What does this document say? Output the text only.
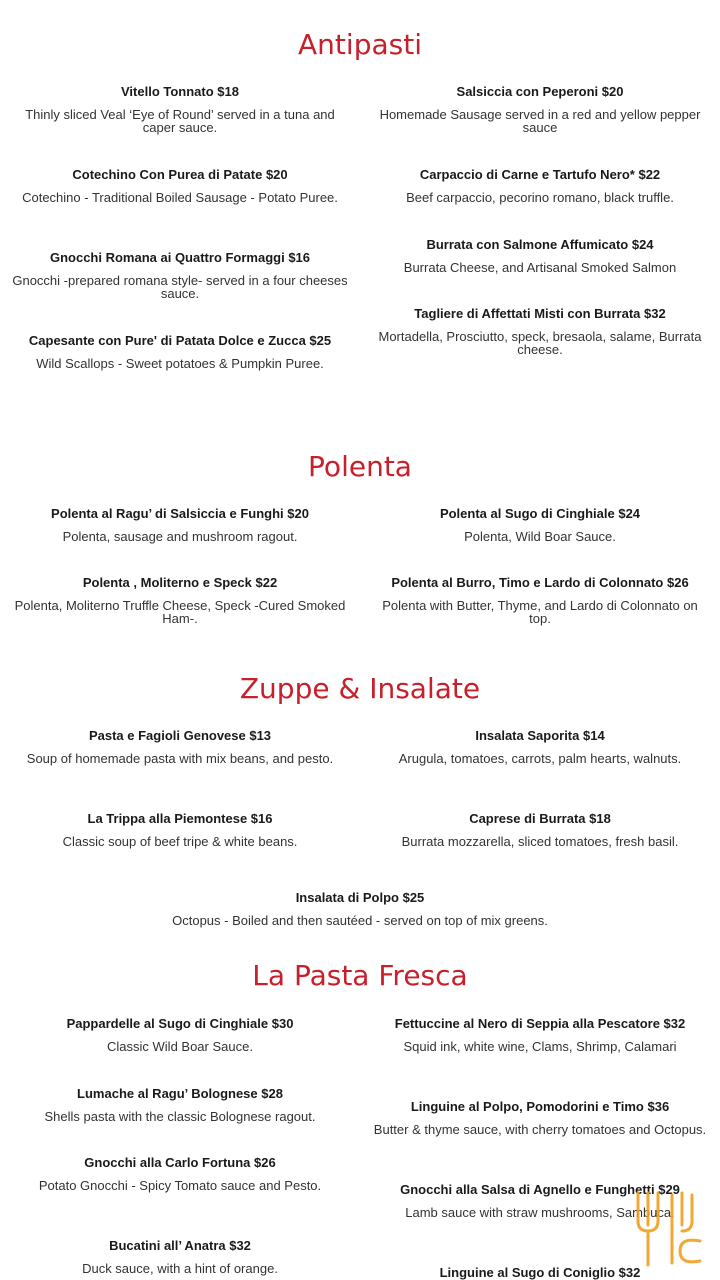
Antipasti
Vitello Tonnato $18
Thinly sliced Veal ‘Eye of Round’ served in a tuna and caper sauce.
Salsiccia con Peperoni $20
Homemade Sausage served in a red and yellow pepper sauce
Cotechino Con Purea di Patate $20
Cotechino - Traditional Boiled Sausage - Potato Puree.
Carpaccio di Carne e Tartufo Nero* $22
Beef carpaccio, pecorino romano, black truffle.
Burrata con Salmone Affumicato $24
Burrata Cheese, and Artisanal Smoked Salmon
Gnocchi Romana ai Quattro Formaggi $16
Gnocchi -prepared romana style- served in a four cheeses sauce.
Tagliere di Affettati Misti con Burrata $32
Mortadella, Prosciutto, speck, bresaola, salame, Burrata cheese.
Capesante con Pure' di Patata Dolce e Zucca $25
Wild Scallops - Sweet potatoes & Pumpkin Puree.
Polenta
Polenta al Ragu’ di Salsiccia e Funghi $20
Polenta, sausage and mushroom ragout.
Polenta al Sugo di Cinghiale $24
Polenta, Wild Boar Sauce.
Polenta , Moliterno e Speck $22
Polenta, Moliterno Truffle Cheese, Speck -Cured Smoked Ham-.
Polenta al Burro, Timo e Lardo di Colonnato $26
Polenta with Butter, Thyme, and Lardo di Colonnato on top.
Zuppe & Insalate
Pasta e Fagioli Genovese $13
Soup of homemade pasta with mix beans, and pesto.
Insalata Saporita $14
Arugula, tomatoes, carrots, palm hearts, walnuts.
La Trippa alla Piemontese $16
Classic soup of beef tripe & white beans.
Caprese di Burrata $18
Burrata mozzarella, sliced tomatoes, fresh basil.
Insalata di Polpo $25
Octopus - Boiled and then sautéed - served on top of mix greens.
La Pasta Fresca
Pappardelle al Sugo di Cinghiale $30
Classic Wild Boar Sauce.
Fettuccine al Nero di Seppia alla Pescatore $32
Squid ink, white wine, Clams, Shrimp, Calamari
Lumache al Ragu’ Bolognese $28
Shells pasta with the classic Bolognese ragout.
Linguine al Polpo, Pomodorini e Timo $36
Butter & thyme sauce, with cherry tomatoes and Octopus.
Gnocchi alla Carlo Fortuna $26
Potato Gnocchi - Spicy Tomato sauce and Pesto.	Gnocchi alla Salsa di Agnello e Funghetti $29
Lamb sauce with straw mushrooms, Sambuca.
Bucatini all’ Anatra $32
Duck sauce, with a hint of orange.	Linguine al Sugo di Coniglio $32
